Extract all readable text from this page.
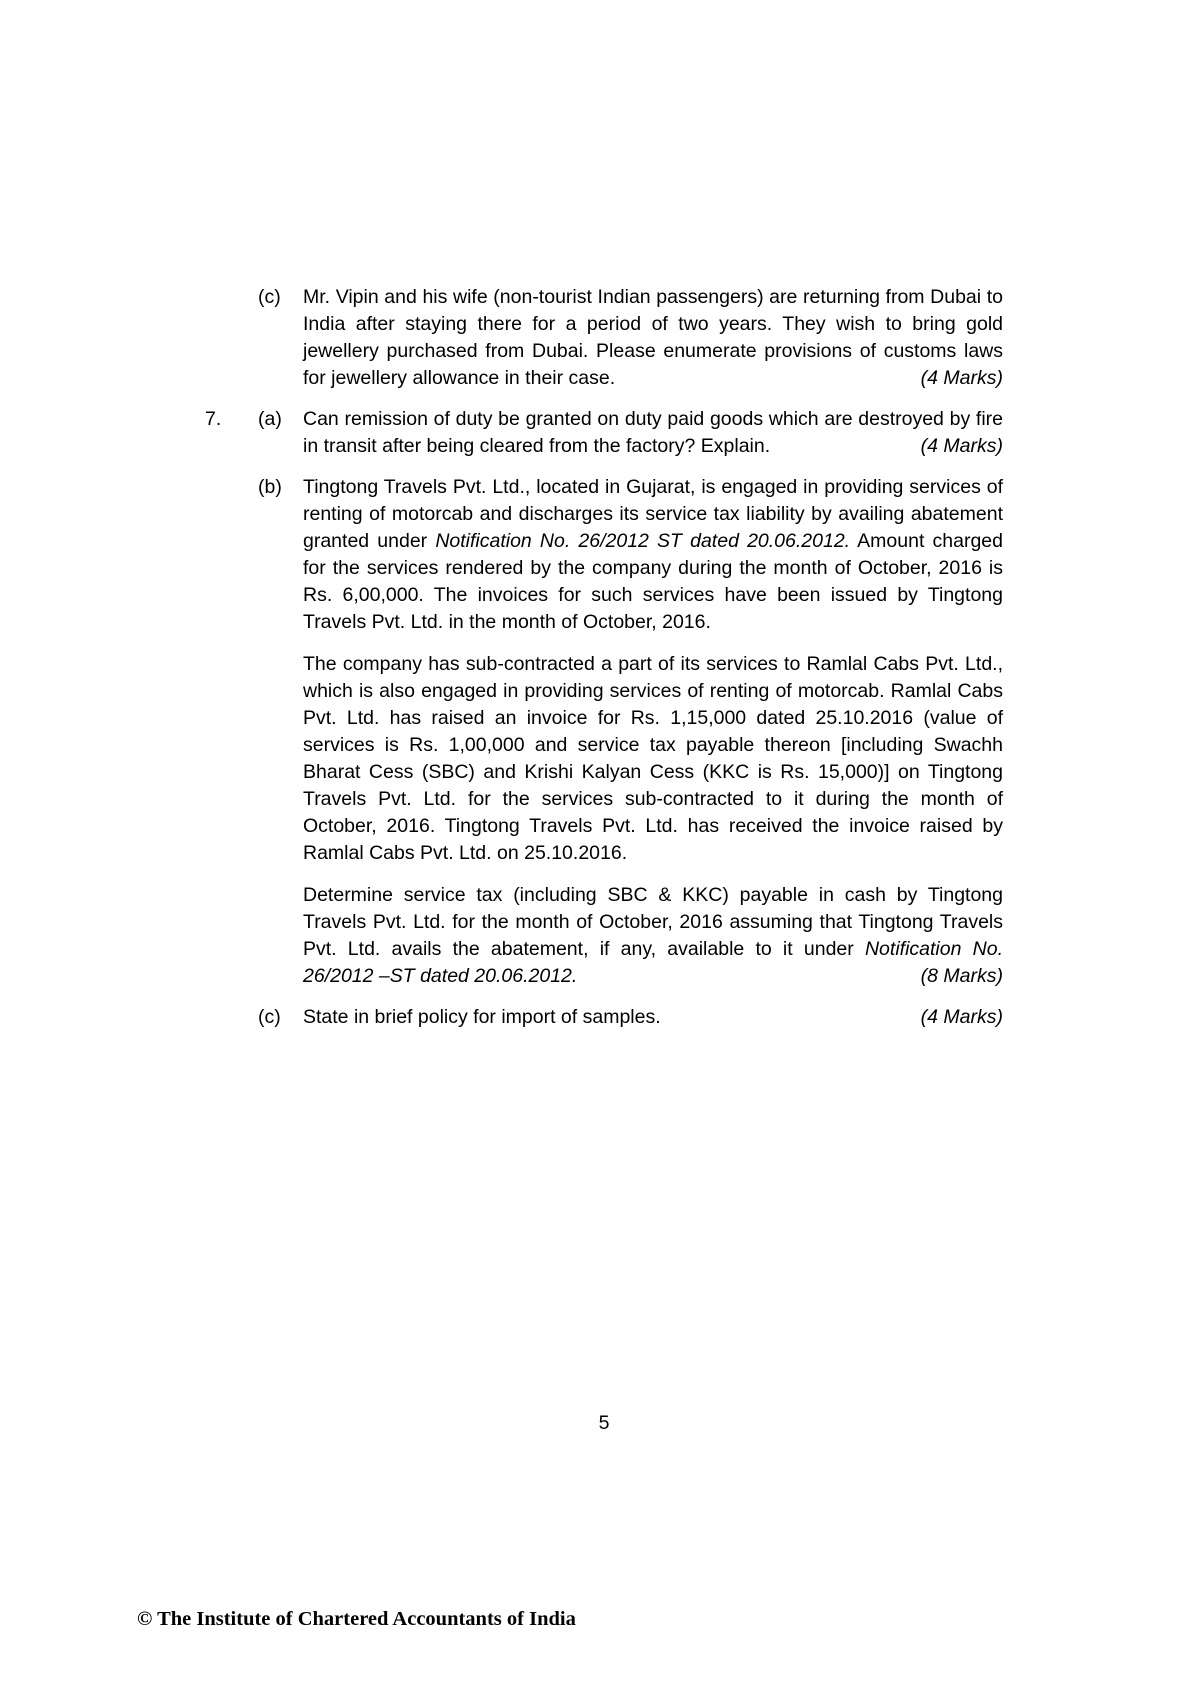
(c)	Mr. Vipin and his wife (non-tourist Indian passengers) are returning from Dubai to India after staying there for a period of two years. They wish to bring gold jewellery purchased from Dubai. Please enumerate provisions of customs laws for jewellery allowance in their case.	(4 Marks)

7.	(a)	Can remission of duty be granted on duty paid goods which are destroyed by fire in transit after being cleared from the factory? Explain.	(4 Marks)

(b)	Tingtong Travels Pvt. Ltd., located in Gujarat, is engaged in providing services of renting of motorcab and discharges its service tax liability by availing abatement granted under Notification No. 26/2012 ST dated 20.06.2012. Amount charged for the services rendered by the company during the month of October, 2016 is Rs. 6,00,000. The invoices for such services have been issued by Tingtong Travels Pvt. Ltd. in the month of October, 2016.

The company has sub-contracted a part of its services to Ramlal Cabs Pvt. Ltd., which is also engaged in providing services of renting of motorcab. Ramlal Cabs Pvt. Ltd. has raised an invoice for Rs. 1,15,000 dated 25.10.2016 (value of services is Rs. 1,00,000 and service tax payable thereon [including Swachh Bharat Cess (SBC) and Krishi Kalyan Cess (KKC is Rs. 15,000)] on Tingtong Travels Pvt. Ltd. for the services sub-contracted to it during the month of October, 2016. Tingtong Travels Pvt. Ltd. has received the invoice raised by Ramlal Cabs Pvt. Ltd. on 25.10.2016.

Determine service tax (including SBC & KKC) payable in cash by Tingtong Travels Pvt. Ltd. for the month of October, 2016 assuming that Tingtong Travels Pvt. Ltd. avails the abatement, if any, available to it under Notification No. 26/2012 –ST dated 20.06.2012.	(8 Marks)

(c)	State in brief policy for import of samples.	(4 Marks)

5
© The Institute of Chartered Accountants of India
